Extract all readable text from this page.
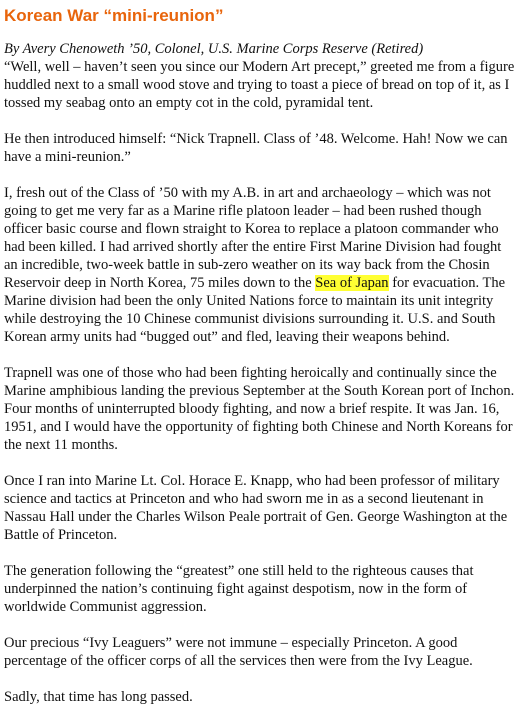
Korean War “mini-reunion”

By Avery Chenoweth ’50, Colonel, U.S. Marine Corps Reserve (Retired)

“Well, well – haven’t seen you since our Modern Art precept,” greeted me from a figure huddled next to a small wood stove and trying to toast a piece of bread on top of it, as I tossed my seabag onto an empty cot in the cold, pyramidal tent.

He then introduced himself: “Nick Trapnell. Class of ’48. Welcome. Hah! Now we can have a mini-reunion.”

I, fresh out of the Class of ’50 with my A.B. in art and archaeology – which was not going to get me very far as a Marine rifle platoon leader – had been rushed though officer basic course and flown straight to Korea to replace a platoon commander who had been killed. I had arrived shortly after the entire First Marine Division had fought an incredible, two-week battle in sub-zero weather on its way back from the Chosin Reservoir deep in North Korea, 75 miles down to the Sea of Japan for evacuation. The Marine division had been the only United Nations force to maintain its unit integrity while destroying the 10 Chinese communist divisions surrounding it. U.S. and South Korean army units had “bugged out” and fled, leaving their weapons behind.

Trapnell was one of those who had been fighting heroically and continually since the Marine amphibious landing the previous September at the South Korean port of Inchon. Four months of uninterrupted bloody fighting, and now a brief respite. It was Jan. 16, 1951, and I would have the opportunity of fighting both Chinese and North Koreans for the next 11 months.

Once I ran into Marine Lt. Col. Horace E. Knapp, who had been professor of military science and tactics at Princeton and who had sworn me in as a second lieutenant in Nassau Hall under the Charles Wilson Peale portrait of Gen. George Washington at the Battle of Princeton.

The generation following the “greatest” one still held to the righteous causes that underpinned the nation’s continuing fight against despotism, now in the form of worldwide Communist aggression.

Our precious “Ivy Leaguers” were not immune – especially Princeton. A good percentage of the officer corps of all the services then were from the Ivy League.

Sadly, that time has long passed.
